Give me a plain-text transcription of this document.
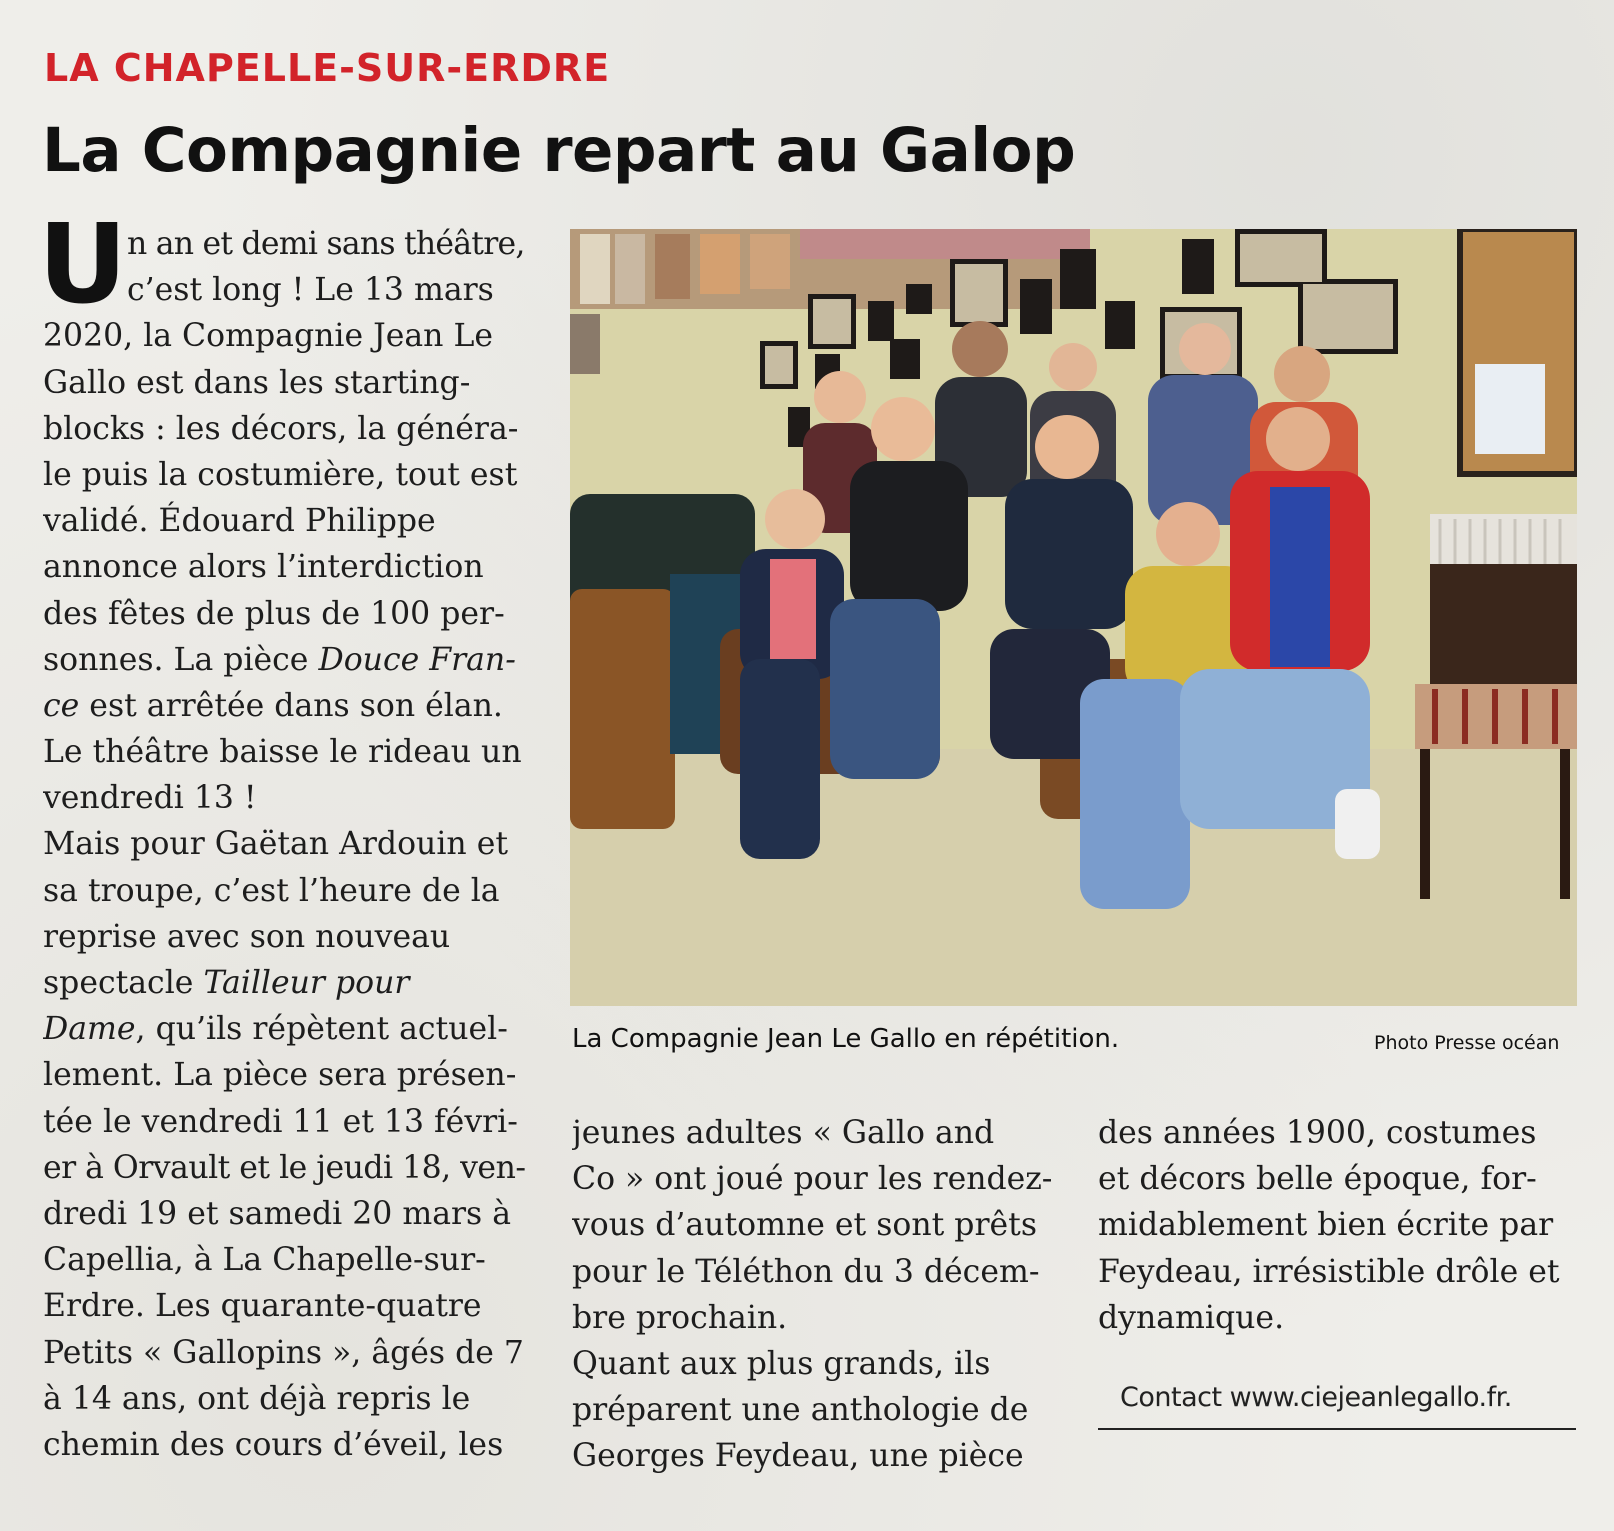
LA CHAPELLE-SUR-ERDRE
La Compagnie repart au Galop
U n an et demi sans théâtre,
c’est long ! Le 13 mars
2020, la Compagnie Jean Le
Gallo est dans les starting-
blocks : les décors, la généra-
le puis la costumière, tout est
validé. Édouard Philippe
annonce alors l’interdiction
des fêtes de plus de 100 per-
sonnes. La pièce Douce Fran-
ce est arrêtée dans son élan.
Le théâtre baisse le rideau un
vendredi 13 !
Mais pour Gaëtan Ardouin et
sa troupe, c’est l’heure de la
reprise avec son nouveau
spectacle Tailleur pour
Dame, qu’ils répètent actuel-
lement. La pièce sera présen-
tée le vendredi 11 et 13 févri-
er à Orvault et le jeudi 18, ven-
dredi 19 et samedi 20 mars à
Capellia, à La Chapelle-sur-
Erdre. Les quarante-quatre
Petits « Gallopins », âgés de 7
à 14 ans, ont déjà repris le
chemin des cours d’éveil, les
La Compagnie Jean Le Gallo en répétition.	Photo Presse océan
jeunes adultes « Gallo and
Co » ont joué pour les rendez-
vous d’automne et sont prêts
pour le Téléthon du 3 décem-
bre prochain.
Quant aux plus grands, ils
préparent une anthologie de
Georges Feydeau, une pièce
des années 1900, costumes
et décors belle époque, for-
midablement bien écrite par
Feydeau, irrésistible drôle et
dynamique.
Contact www.ciejeanlegallo.fr.
